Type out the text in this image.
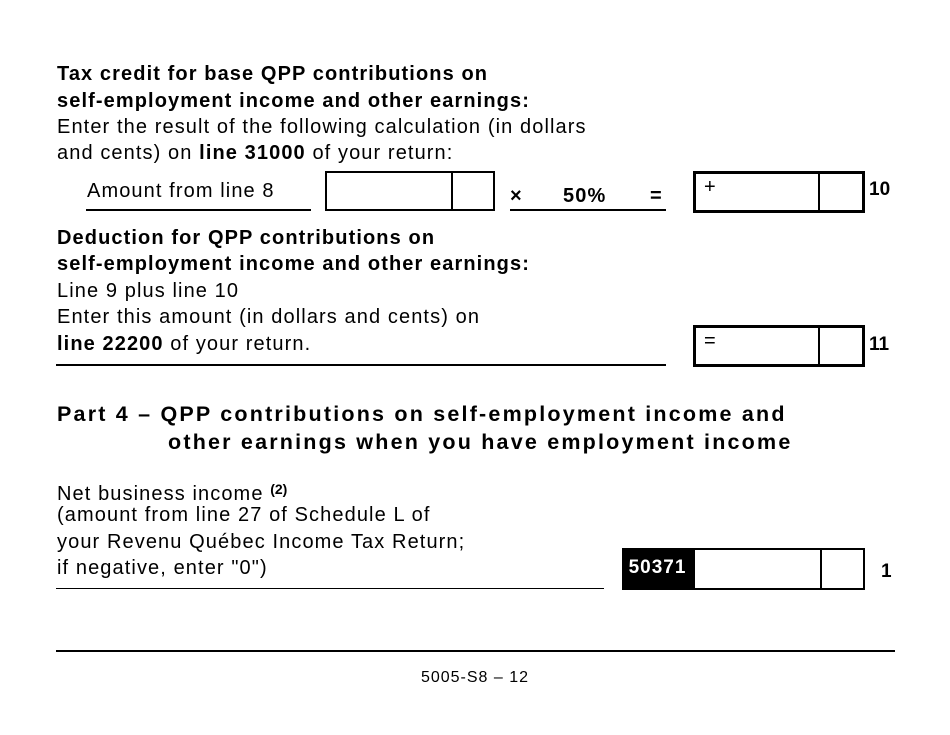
Tax credit for base QPP contributions on
self-employment income and other earnings:
Enter the result of the following calculation (in dollars
and cents) on line 31000 of your return:
Amount from line 8	× 50% = +	10
Deduction for QPP contributions on
self-employment income and other earnings:
Line 9 plus line 10
Enter this amount (in dollars and cents) on
line 22200 of your return.	=	11
Part 4 – QPP contributions on self-employment income and
other earnings when you have employment income
Net business income $^{(2)}$
(amount from line 27 of Schedule L of
your Revenu Québec Income Tax Return;
if negative, enter "0")	50371	1
5005-S8 – 12
